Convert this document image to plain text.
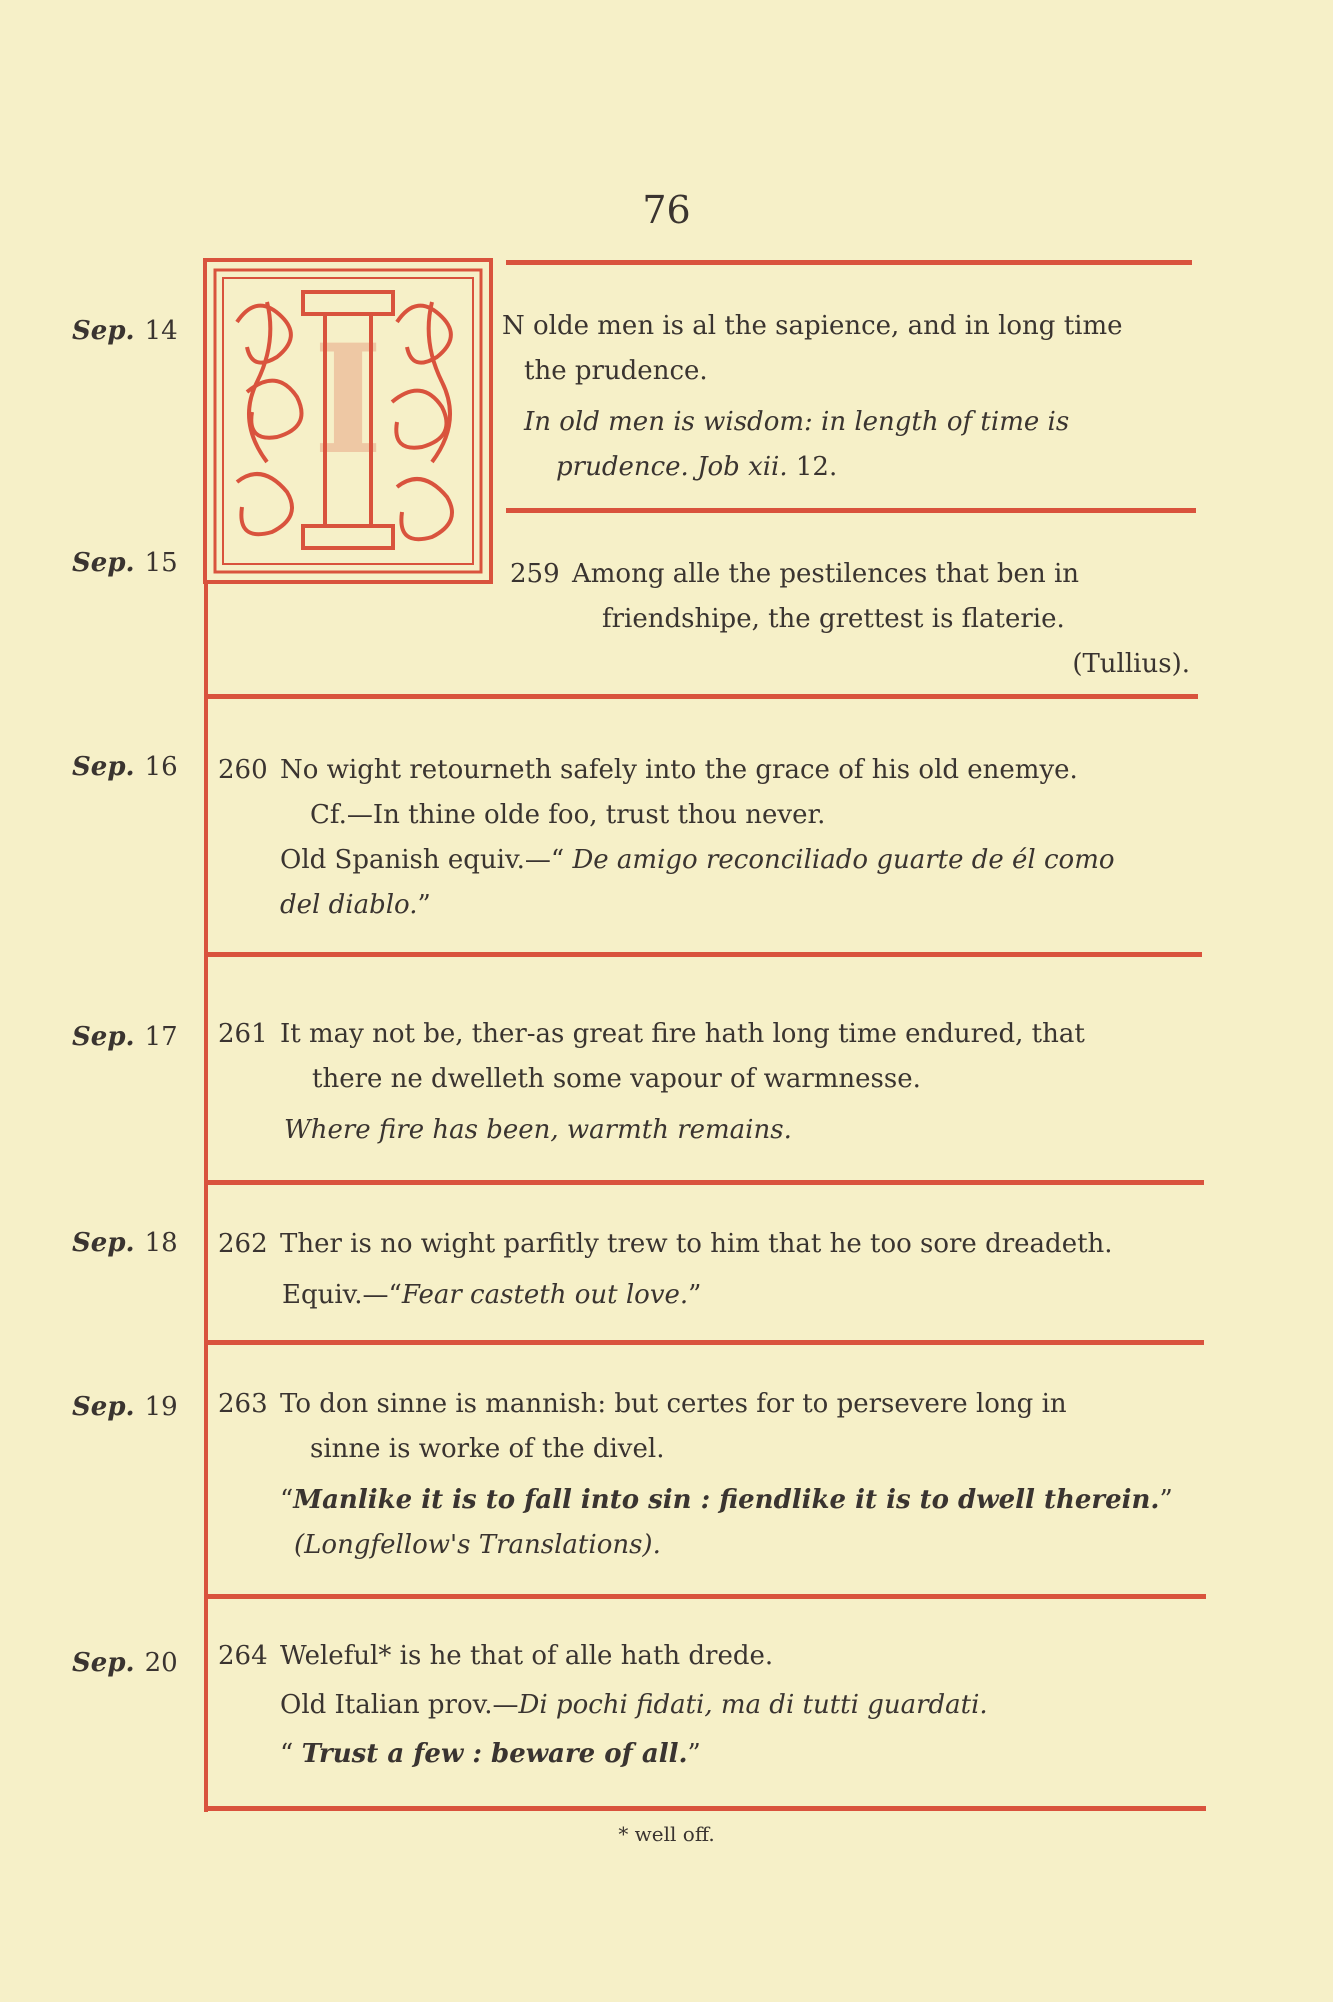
76
Sep. 14
Sep. 15
Sep. 16
Sep. 17
Sep. 18
Sep. 19
Sep. 20
I	N olde men is al the sapience, and in long time

the prudence.

In old men is wisdom: in length of time is

prudence. Job xii. 12.

259 Among alle the pestilences that ben in

friendshipe, the grettest is flaterie.

(Tullius).

260 No wight retourneth safely into the grace of his old enemye.

Cf.—In thine olde foo, trust thou never.

Old Spanish equiv.—“ De amigo reconciliado guarte de él como

del diablo.”

261 It may not be, ther-as great fire hath long time endured, that

there ne dwelleth some vapour of warmnesse.

Where fire has been, warmth remains.

262 Ther is no wight parfitly trew to him that he too sore dreadeth.

Equiv.—“Fear casteth out love.”

263 To don sinne is mannish: but certes for to persevere long in

sinne is worke of the divel.

“Manlike it is to fall into sin : fiendlike it is to dwell therein.”

(Longfellow's Translations).

264 Weleful* is he that of alle hath drede.

Old Italian prov.—Di pochi fidati, ma di tutti guardati.

“ Trust a few : beware of all.”

* well off.
